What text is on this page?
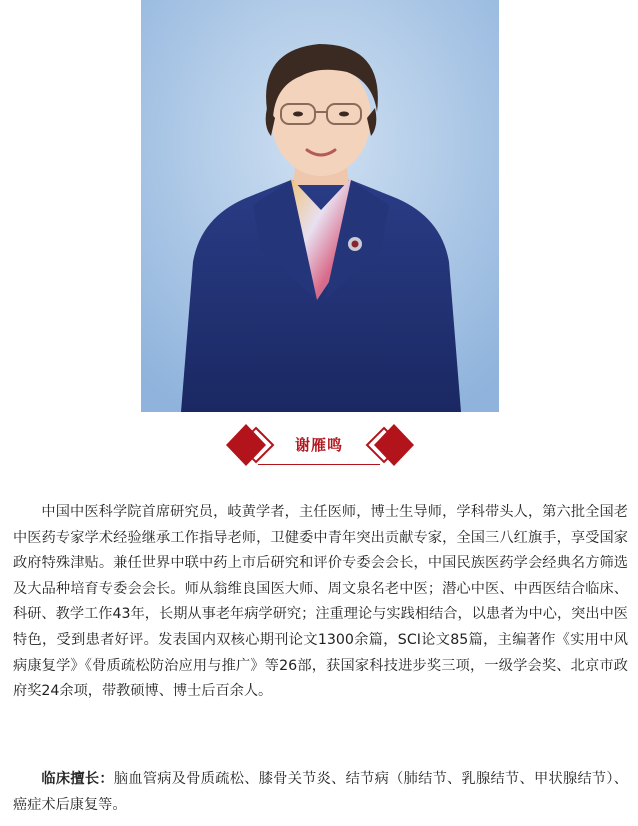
谢雁鸣

中国中医科学院首席研究员，岐黄学者，主任医师，博士生导师，学科带头人，第六批全国老中医药专家学术经验继承工作指导老师，卫健委中青年突出贡献专家，全国三八红旗手，享受国家政府特殊津贴。兼任世界中联中药上市后研究和评价专委会会长，中国民族医药学会经典名方筛选及大品种培育专委会会长。师从翁维良国医大师、周文泉名老中医；潜心中医、中西医结合临床、科研、教学工作43年，长期从事老年病学研究；注重理论与实践相结合，以患者为中心，突出中医特色，受到患者好评。发表国内双核心期刊论文1300余篇，SCI论文85篇，主编著作《实用中风病康复学》《骨质疏松防治应用与推广》等26部，获国家科技进步奖三项，一级学会奖、北京市政府奖24余项，带教硕博、博士后百余人。

临床擅长：脑血管病及骨质疏松、膝骨关节炎、结节病（肺结节、乳腺结节、甲状腺结节）、癌症术后康复等。
